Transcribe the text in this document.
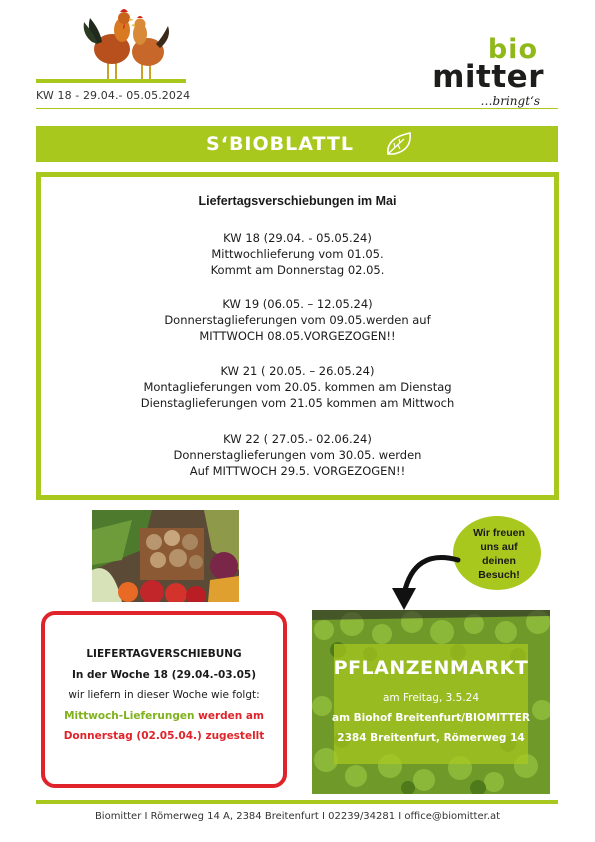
KW 18 - 29.04.- 05.05.2024
bio
mitter
…bringt‘s
S‘BIOBLATTL
Liefertagsverschiebungen im Mai
KW 18 (29.04. - 05.05.24)
Mittwochlieferung vom 01.05.
Kommt am Donnerstag 02.05.
KW 19 (06.05. – 12.05.24)
Donnerstaglieferungen vom 09.05.werden auf
MITTWOCH 08.05.VORGEZOGEN!!
KW 21 ( 20.05. – 26.05.24)
Montaglieferungen vom 20.05. kommen am Dienstag
Dienstaglieferungen vom 21.05 kommen am Mittwoch
KW 22 ( 27.05.- 02.06.24)
Donnerstaglieferungen vom 30.05. werden
Auf MITTWOCH 29.5. VORGEZOGEN!!
Wir freuen
uns auf
deinen
Besuch!
LIEFERTAGVERSCHIEBUNG
In der Woche 18 (29.04.-03.05)
wir liefern in dieser Woche wie folgt:
Mittwoch-Lieferungen werden am
Donnerstag (02.05.04.) zugestellt
PFLANZENMARKT
am Freitag, 3.5.24
am Biohof Breitenfurt/BIOMITTER
2384 Breitenfurt, Römerweg 14
Biomitter I Römerweg 14 A, 2384 Breitenfurt I 02239/34281 I office@biomitter.at
